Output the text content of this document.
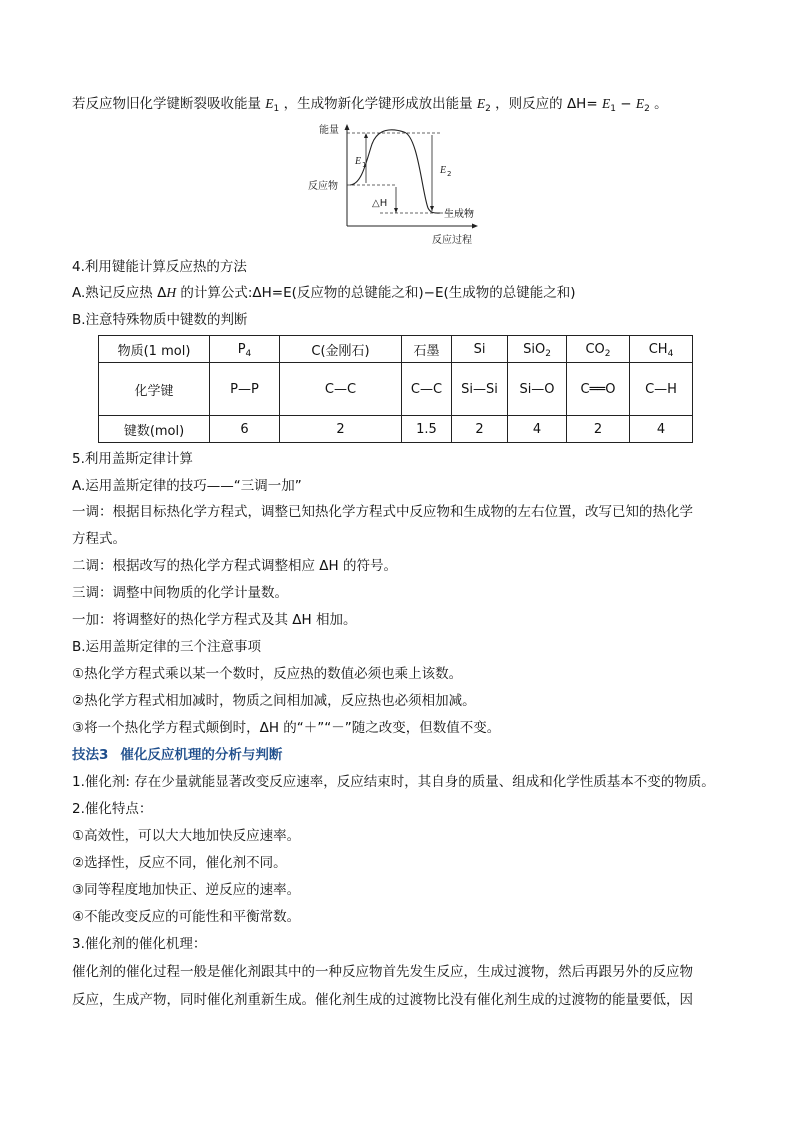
若反应物旧化学键断裂吸收能量 $E_1$ ，生成物新化学键形成放出能量 $E_2$ ，则反应的 $\Delta H= E_1 - E_2$ 。
能量
反应物
生成物
反应过程
E 1	E 2
△H
4.利用键能计算反应热的方法
A.熟记反应热 ΔH 的计算公式:ΔH=E(反应物的总键能之和)−E(生成物的总键能之和)
B.注意特殊物质中键数的判断
物质(1 mol)	$P_4$	C(金刚石)	石墨	Si	SiO$_2$	$CO_2$	$CH_4$
化学键	P—P	C—C	C—C	Si—Si	Si—O	C══O	C—H
键数(mol)	6	2	1.5	2	4	2	4
5.利用盖斯定律计算
A.运用盖斯定律的技巧——“三调一加”
一调：根据目标热化学方程式，调整已知热化学方程式中反应物和生成物的左右位置，改写已知的热化学
方程式。
二调：根据改写的热化学方程式调整相应 ΔH 的符号。
三调：调整中间物质的化学计量数。
一加：将调整好的热化学方程式及其 ΔH 相加。
B.运用盖斯定律的三个注意事项
①热化学方程式乘以某一个数时，反应热的数值必须也乘上该数。
②热化学方程式相加减时，物质之间相加减，反应热也必须相加减。
③将一个热化学方程式颠倒时，ΔH 的“＋”“－”随之改变，但数值不变。
技法3 催化反应机理的分析与判断
1.催化剂: 存在少量就能显著改变反应速率，反应结束时，其自身的质量、组成和化学性质基本不变的物质。
2.催化特点：
①高效性，可以大大地加快反应速率。
②选择性，反应不同，催化剂不同。
③同等程度地加快正、逆反应的速率。
④不能改变反应的可能性和平衡常数。
3.催化剂的催化机理：
催化剂的催化过程一般是催化剂跟其中的一种反应物首先发生反应，生成过渡物，然后再跟另外的反应物
反应，生成产物，同时催化剂重新生成。催化剂生成的过渡物比没有催化剂生成的过渡物的能量要低，因
